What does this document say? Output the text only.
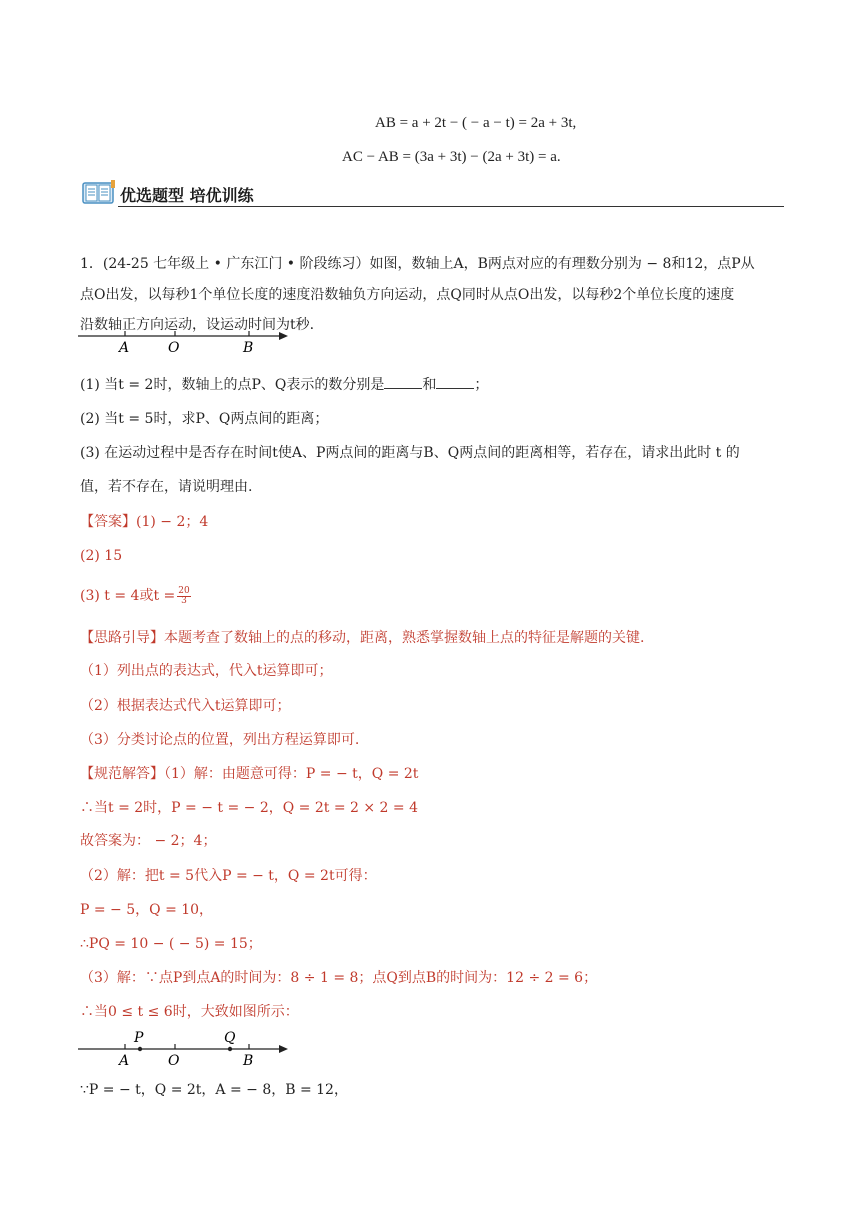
AB = a + 2t − ( − a − t) = 2a + 3t,
AC − AB = (3a + 3t) − (2a + 3t) = a.
优选题型 培优训练
1．(24-25 七年级上 • 广东江门 • 阶段练习）如图，数轴上A，B两点对应的有理数分别为 − 8和12，点P从
点O出发，以每秒1个单位长度的速度沿数轴负方向运动，点Q同时从点O出发，以每秒2个单位长度的速度
沿数轴正方向运动，设运动时间为t秒.
A	O	B
(1) 当t = 2时，数轴上的点P、Q表示的数分别是	和	；
(2) 当t = 5时，求P、Q两点间的距离；
(3) 在运动过程中是否存在时间t使A、P两点间的距离与B、Q两点间的距离相等，若存在，请求出此时 t 的
值，若不存在，请说明理由.
【答案】(1) − 2；4
(2) 15
(3) t = 4或$t = \frac{20}{3}$
【思路引导】本题考查了数轴上的点的移动，距离，熟悉掌握数轴上点的特征是解题的关键.
（1）列出点的表达式，代入t运算即可；
（2）根据表达式代入t运算即可；
（3）分类讨论点的位置，列出方程运算即可.
【规范解答】（1）解：由题意可得：P = − t，Q = 2t
∴当t = 2时，P = − t = − 2，Q = 2t = 2 × 2 = 4
故答案为： − 2；4；
（2）解：把t = 5代入P = − t，Q = 2t可得：
P = − 5，Q = 10，
∴PQ = 10 − ( − 5) = 15；
（3）解：∵点P到点A的时间为：8 ÷ 1 = 8；点Q到点B的时间为：12 ÷ 2 = 6；
∴当0 ≤ t ≤ 6时，大致如图所示：
P	Q
A	O	B
∵P = − t，Q = 2t，A = − 8，B = 12，
